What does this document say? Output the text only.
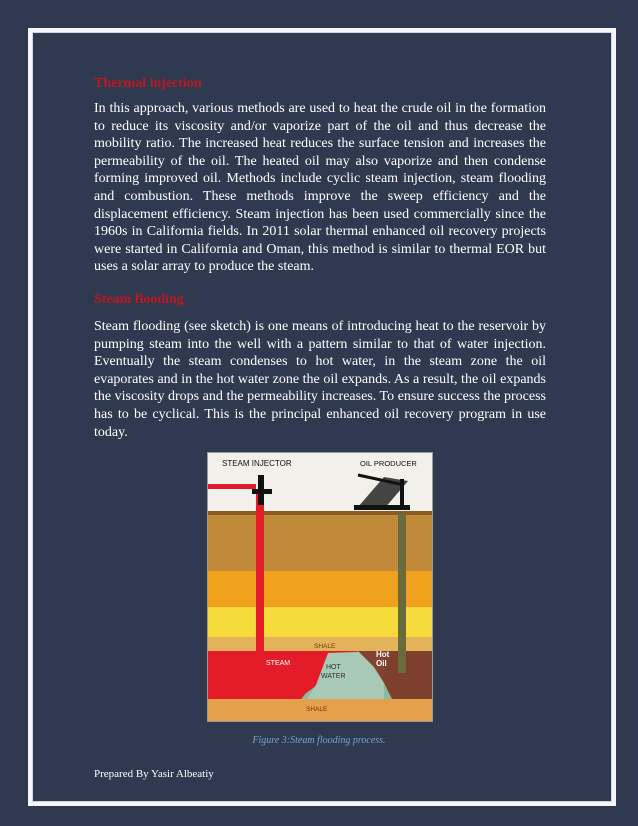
Thermal injection

In this approach, various methods are used to heat the crude oil in the formation to reduce its viscosity and/or vaporize part of the oil and thus decrease the mobility ratio. The increased heat reduces the surface tension and increases the permeability of the oil. The heated oil may also vaporize and then condense forming improved oil. Methods include cyclic steam injection, steam flooding and combustion. These methods improve the sweep efficiency and the displacement efficiency. Steam injection has been used commercially since the 1960s in California fields. In 2011 solar thermal enhanced oil recovery projects were started in California and Oman, this method is similar to thermal EOR but uses a solar array to produce the steam.

Steam flooding

Steam flooding (see sketch) is one means of introducing heat to the reservoir by pumping steam into the well with a pattern similar to that of water injection. Eventually the steam condenses to hot water, in the steam zone the oil evaporates and in the hot water zone the oil expands. As a result, the oil expands the viscosity drops and the permeability increases. To ensure success the process has to be cyclical. This is the principal enhanced oil recovery program in use today.

STEAM INJECTOR	OIL PRODUCER
SHALE
STEAM
HOT
WATER
Hot
Oil
SHALE
Figure 3:Steam flooding process.
Prepared By Yasir Albeatiy
